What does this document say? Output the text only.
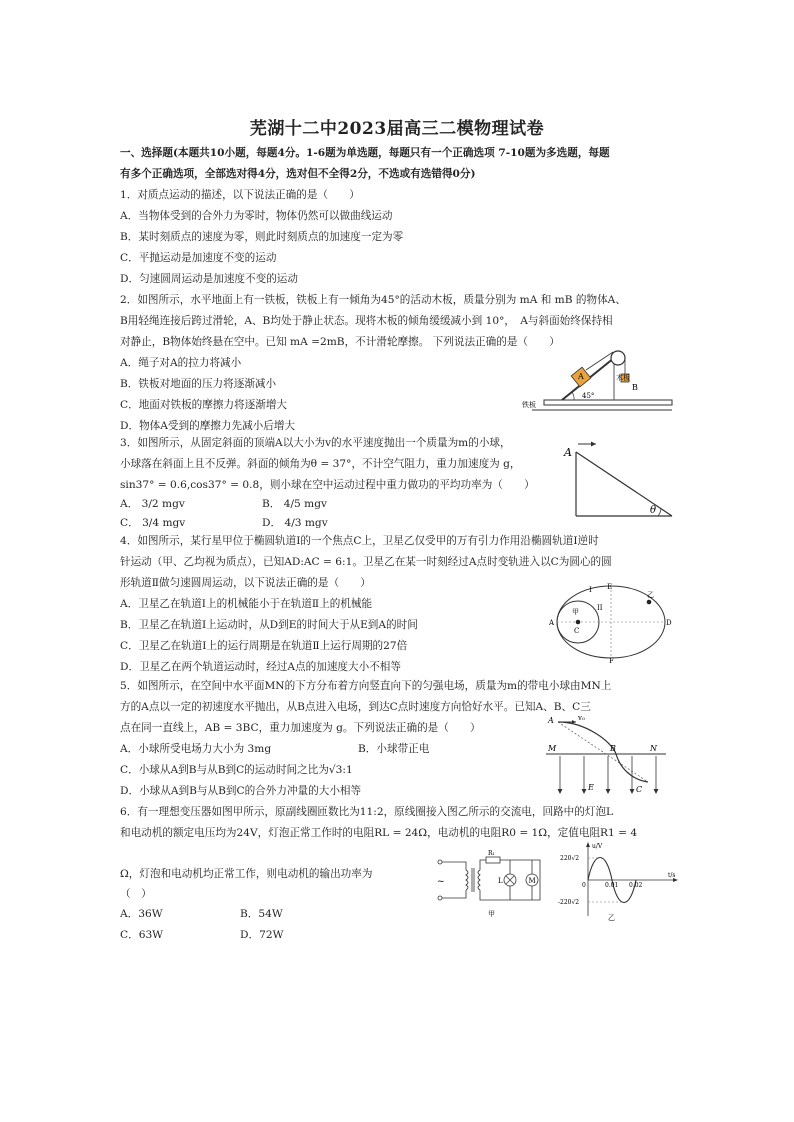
芜湖十二中2023届高三二模物理试卷
一、选择题(本题共10小题，每题4分。1-6题为单选题，每题只有一个正确选项 7-10题为多选题，每题
有多个正确选项，全部选对得4分，选对但不全得2分，不选或有选错得0分)
1．对质点运动的描述，以下说法正确的是（　　）
A．当物体受到的合外力为零时，物体仍然可以做曲线运动
B．某时刻质点的速度为零，则此时刻质点的加速度一定为零
C．平抛运动是加速度不变的运动
D．匀速圆周运动是加速度不变的运动
2．如图所示，水平地面上有一铁板，铁板上有一倾角为45°的活动木板，质量分别为 mA 和 mB 的物体A、
B用轻绳连接后跨过滑轮，A、B均处于静止状态。现将木板的倾角缓缓减小到 10°，　A与斜面始终保持相
对静止，B物体始终悬在空中。已知 mA =2mB，不计滑轮摩擦。 下列说法正确的是（　　）
A．绳子对A的拉力将减小
B．铁板对地面的压力将逐渐减小
C．地面对铁板的摩擦力将逐渐增大
D．物体A受到的摩擦力先减小后增大
A
B
木板
铁板
45°
3．如图所示，从固定斜面的顶端A以大小为v的水平速度抛出一个质量为m的小球，
小球落在斜面上且不反弹。斜面的倾角为θ = 37°，不计空气阻力，重力加速度为 g，
sin37° = 0.6,cos37° = 0.8，则小球在空中运动过程中重力做功的平均功率为（　　）
A． 3/2 mgv	B． 4/5 mgv
C． 3/4 mgv	D． 4/3 mgv
A
θ
4．如图所示，某行星甲位于椭圆轨道Ⅰ的一个焦点C上，卫星乙仅受甲的万有引力作用沿椭圆轨道Ⅰ逆时
针运动（甲、乙均视为质点），已知AD:AC = 6:1。卫星乙在某一时刻经过A点时变轨进入以C为圆心的圆
形轨道Ⅱ做匀速圆周运动，以下说法正确的是（　　）
A．卫星乙在轨道Ⅰ上的机械能小于在轨道Ⅱ上的机械能
B．卫星乙在轨道Ⅰ上运动时，从D到E的时间大于从E到A的时间
C．卫星乙在轨道Ⅰ上的运行周期是在轨道Ⅱ上运行周期的27倍
D．卫星乙在两个轨道运动时，经过A点的加速度大小不相等
E
F
A	D
C
甲
乙
I
II
5．如图所示，在空间中水平面MN的下方分布着方向竖直向下的匀强电场，质量为m的带电小球由MN上
方的A点以一定的初速度水平抛出，从B点进入电场，到达C点时速度方向恰好水平。已知A、B、C三
点在同一直线上，AB = 3BC，重力加速度为 g。下列说法正确的是（　　）
A．小球所受电场力大小为 3mg	B．小球带正电
C．小球从A到B与从B到C的运动时间之比为√3:1
D．小球从A到B与从B到C的合外力冲量的大小相等
A	v₀
M	N
B
C
E
6．有一理想变压器如图甲所示，原副线圈匝数比为11:2，原线圈接入图乙所示的交流电，回路中的灯泡L
和电动机的额定电压均为24V，灯泡正常工作时的电阻RL = 24Ω，电动机的电阻R0 = 1Ω，定值电阻R1 = 4
Ω，灯泡和电动机均正常工作，则电动机的输出功率为
（　）
A．36W	B．54W
C．63W	D．72W
~	M
R₁
L
甲
u/V
t/s
220√2
-220√2
0	0.01 0.02
乙
